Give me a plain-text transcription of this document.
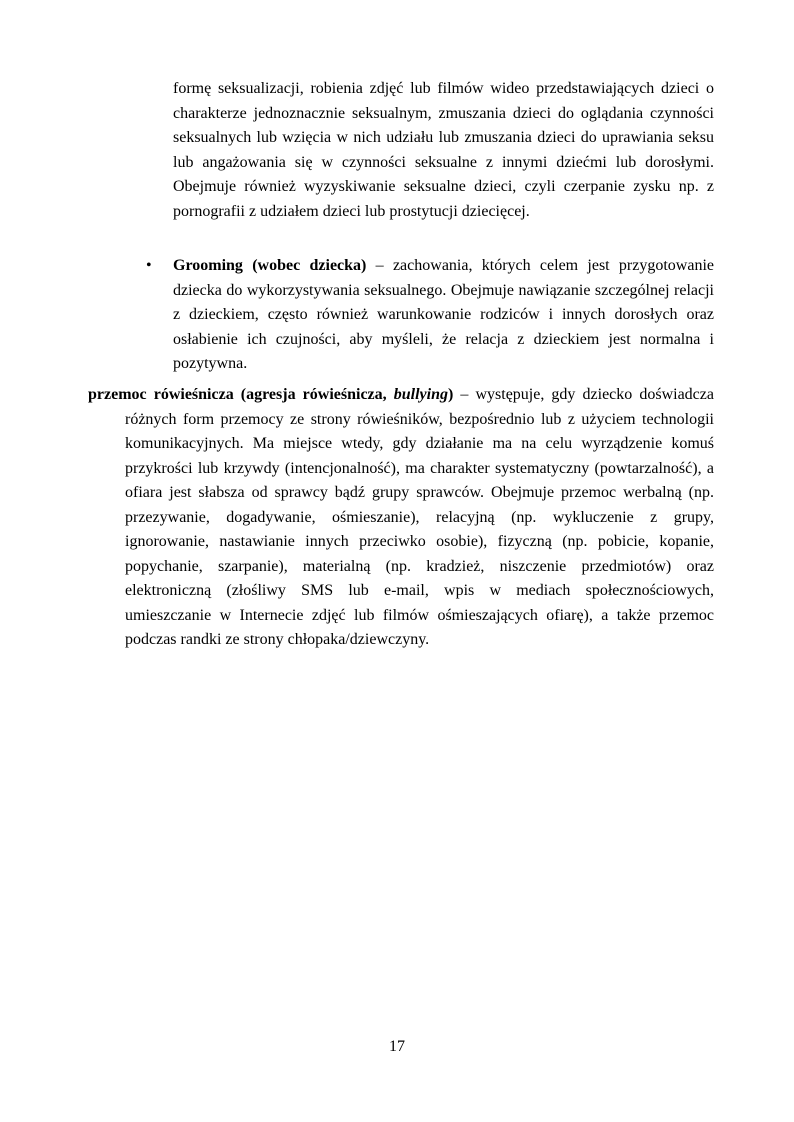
formę seksualizacji, robienia zdjęć lub filmów wideo przedstawiających dzieci o charakterze jednoznacznie seksualnym, zmuszania dzieci do oglądania czynności seksualnych lub wzięcia w nich udziału lub zmuszania dzieci do uprawiania seksu lub angażowania się w czynności seksualne z innymi dziećmi lub dorosłymi. Obejmuje również wyzyskiwanie seksualne dzieci, czyli czerpanie zysku np. z pornografii z udziałem dzieci lub prostytucji dziecięcej.

• Grooming (wobec dziecka) – zachowania, których celem jest przygotowanie dziecka do wykorzystywania seksualnego. Obejmuje nawiązanie szczególnej relacji z dzieckiem, często również warunkowanie rodziców i innych dorosłych oraz osłabienie ich czujności, aby myśleli, że relacja z dzieckiem jest normalna i pozytywna.

przemoc rówieśnicza (agresja rówieśnicza, bullying) – występuje, gdy dziecko doświadcza różnych form przemocy ze strony rówieśników, bezpośrednio lub z użyciem technologii komunikacyjnych. Ma miejsce wtedy, gdy działanie ma na celu wyrządzenie komuś przykrości lub krzywdy (intencjonalność), ma charakter systematyczny (powtarzalność), a ofiara jest słabsza od sprawcy bądź grupy sprawców. Obejmuje przemoc werbalną (np. przezywanie, dogadywanie, ośmieszanie), relacyjną (np. wykluczenie z grupy, ignorowanie, nastawianie innych przeciwko osobie), fizyczną (np. pobicie, kopanie, popychanie, szarpanie), materialną (np. kradzież, niszczenie przedmiotów) oraz elektroniczną (złośliwy SMS lub e-mail, wpis w mediach społecznościowych, umieszczanie w Internecie zdjęć lub filmów ośmieszających ofiarę), a także przemoc podczas randki ze strony chłopaka/dziewczyny.

17
